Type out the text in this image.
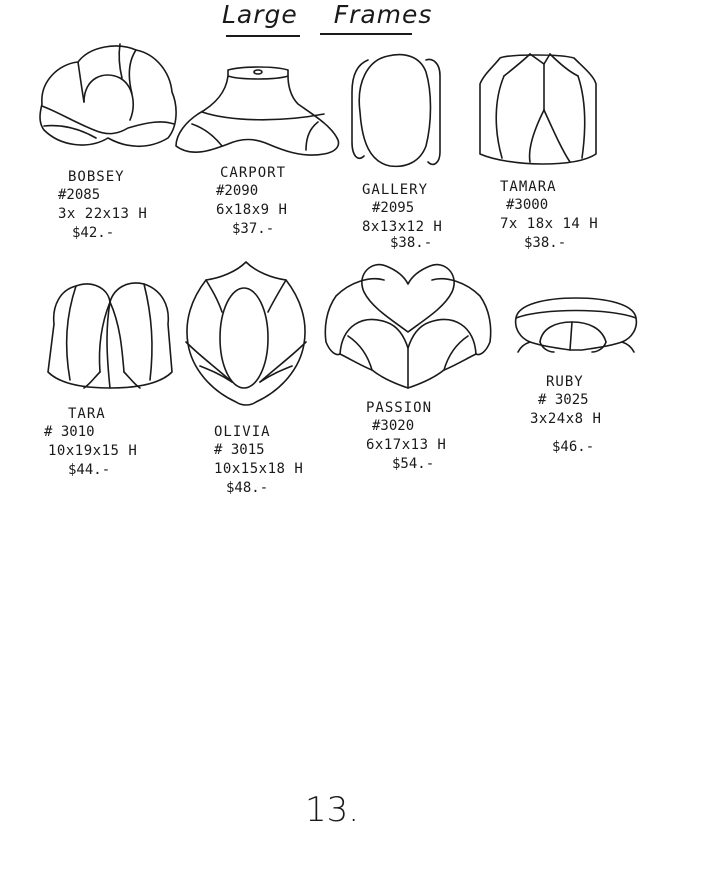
Large Frames
BOBSEY
#2085
3x 22x13 H
$42.-
CARPORT
#2090
6x18x9 H
$37.-
GALLERY
#2095
8x13x12 H
$38.-
TAMARA
#3000
7x 18x 14 H
$38.-
TARA
# 3010
10x19x15 H
$44.-
OLIVIA
# 3015
10x15x18 H
$48.-
PASSION
#3020
6x17x13 H
$54.-
RUBY
# 3025
3x24x8 H
$46.-
13.
